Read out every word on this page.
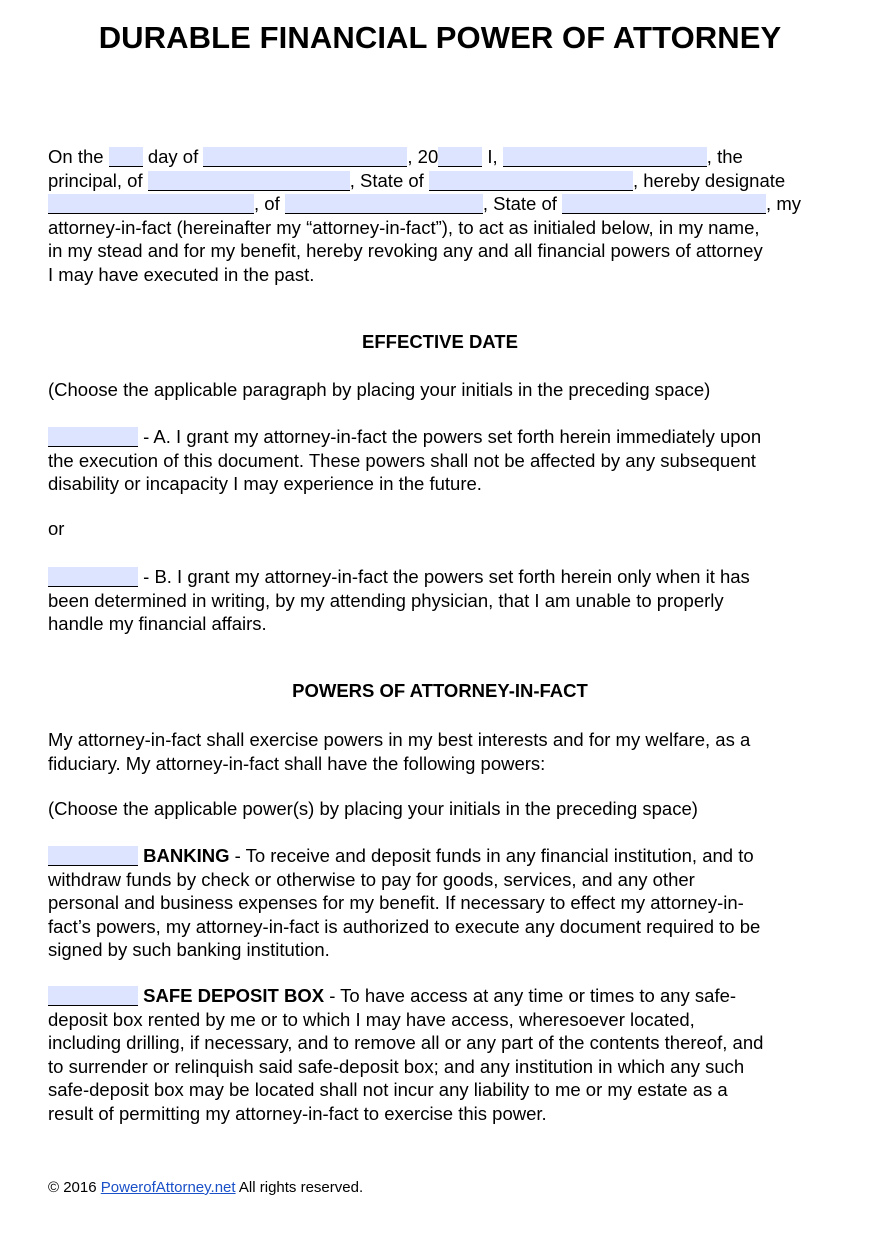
DURABLE FINANCIAL POWER OF ATTORNEY
On the day of	, 20	I,	, the
principal, of	, State of	, hereby designate
, of	, State of	, my
attorney-in-fact (hereinafter my “attorney-in-fact”), to act as initialed below, in my name,
in my stead and for my benefit, hereby revoking any and all financial powers of attorney
I may have executed in the past.
EFFECTIVE DATE
(Choose the applicable paragraph by placing your initials in the preceding space)
- A. I grant my attorney-in-fact the powers set forth herein immediately upon
the execution of this document. These powers shall not be affected by any subsequent
disability or incapacity I may experience in the future.
or
- B. I grant my attorney-in-fact the powers set forth herein only when it has
been determined in writing, by my attending physician, that I am unable to properly
handle my financial affairs.
POWERS OF ATTORNEY-IN-FACT
My attorney-in-fact shall exercise powers in my best interests and for my welfare, as a
fiduciary. My attorney-in-fact shall have the following powers:
(Choose the applicable power(s) by placing your initials in the preceding space)
BANKING - To receive and deposit funds in any financial institution, and to
withdraw funds by check or otherwise to pay for goods, services, and any other
personal and business expenses for my benefit. If necessary to effect my attorney-in-
fact’s powers, my attorney-in-fact is authorized to execute any document required to be
signed by such banking institution.
SAFE DEPOSIT BOX - To have access at any time or times to any safe-
deposit box rented by me or to which I may have access, wheresoever located,
including drilling, if necessary, and to remove all or any part of the contents thereof, and
to surrender or relinquish said safe-deposit box; and any institution in which any such
safe-deposit box may be located shall not incur any liability to me or my estate as a
result of permitting my attorney-in-fact to exercise this power.

© 2016 PowerofAttorney.net All rights reserved.
